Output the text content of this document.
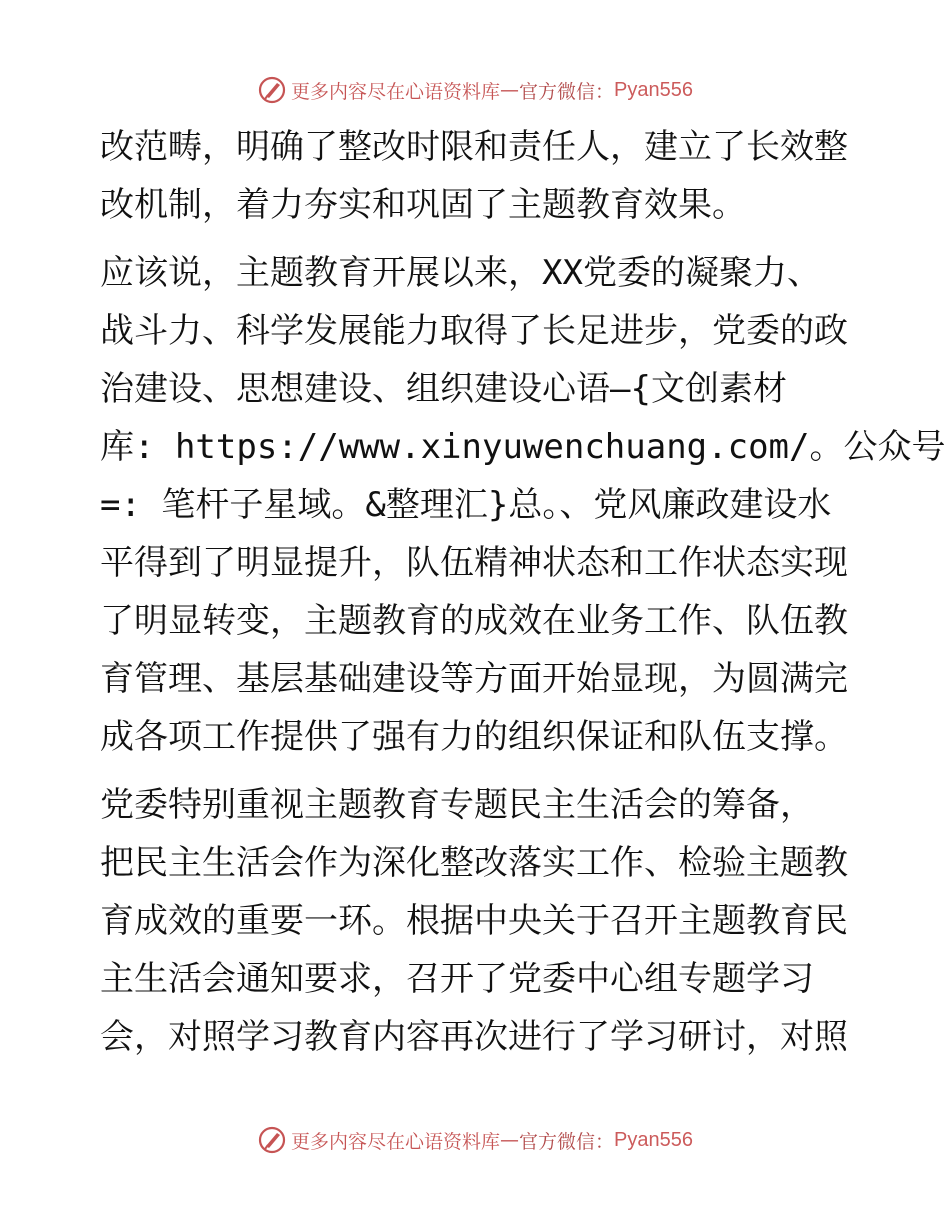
更多内容尽在心语资料库 — 官方微信： Pyan556
改范畴，明确了整改时限和责任人，建立了长效整
改机制，着力夯实和巩固了主题教育效果。
应该说，主题教育开展以来，XX党委的凝聚力、
战斗力、科学发展能力取得了长足进步，党委的政
治建设、思想建设、组织建设心语—{文创素材
库: https://www.xinyuwenchuang.com/。公众号
=: 笔杆子星域。&整理汇}总。、党风廉政建设水
平得到了明显提升，队伍精神状态和工作状态实现
了明显转变，主题教育的成效在业务工作、队伍教
育管理、基层基础建设等方面开始显现，为圆满完
成各项工作提供了强有力的组织保证和队伍支撑。
党委特别重视主题教育专题民主生活会的筹备，
把民主生活会作为深化整改落实工作、检验主题教
育成效的重要一环。根据中央关于召开主题教育民
主生活会通知要求，召开了党委中心组专题学习
会，对照学习教育内容再次进行了学习研讨，对照
更多内容尽在心语资料库 — 官方微信： Pyan556
